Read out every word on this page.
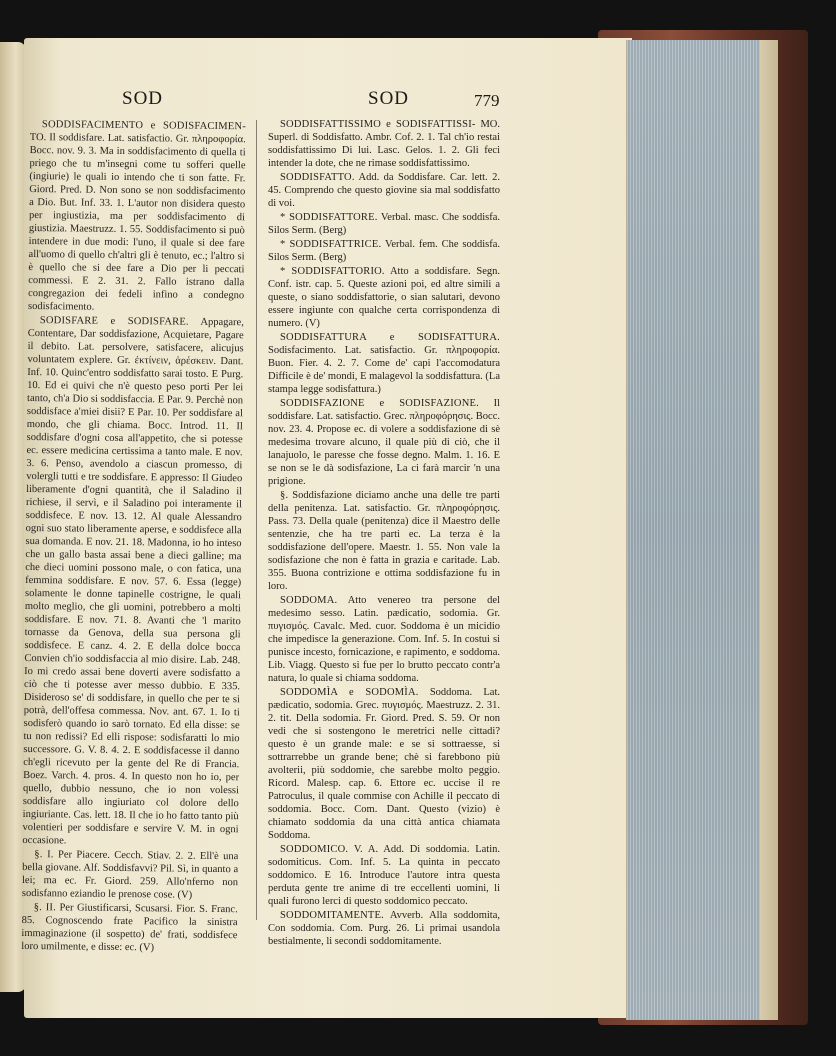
SOD	SOD	779

SODDISFACIMENTO e SODISFACIMEN- TO. Il soddisfare. Lat. satisfactio. Gr. πληροφορία. Bocc. nov. 9. 3. Ma in soddisfacimento di quella ti priego che tu m'insegni come tu sofferi quelle (ingiurie) le quali io intendo che ti son fatte. Fr. Giord. Pred. D. Non sono se non soddisfacimento a Dio. But. Inf. 33. 1. L'autor non disidera questo per ingiustizia, ma per soddisfacimento di giustizia. Maestruzz. 1. 55. Soddisfacimento si può intendere in due modi: l'uno, il quale si dee fare all'uomo di quello ch'altri gli è tenuto, ec.; l'altro si è quello che si dee fare a Dio per li peccati commessi. E 2. 31. 2. Fallo istrano dalla congregazion dei fedeli infino a condegno sodisfacimento.

SODISFARE e SODISFARE. Appagare, Contentare, Dar soddisfazione, Acquietare, Pagare il debito. Lat. persolvere, satisfacere, alicujus voluntatem explere. Gr. ἐκτίνειν, ἀρέσκειν. Dant. Inf. 10. Quinc'entro soddisfatto sarai tosto. E Purg. 10. Ed ei quivi che n'è questo peso porti Per lei tanto, ch'a Dio si soddisfaccia. E Par. 9. Perchè non soddisface a'miei disii? E Par. 10. Per soddisfare al mondo, che gli chiama. Bocc. Introd. 11. Il soddisfare d'ogni cosa all'appetito, che si potesse ec. essere medicina certissima a tanto male. E nov. 3. 6. Penso, avendolo a ciascun promesso, di volergli tutti e tre soddisfare. E appresso: Il Giudeo liberamente d'ogni quantità, che il Saladino il richiese, il servì, e il Saladino poi interamente il soddisfece. E nov. 13. 12. Al quale Alessandro ogni suo stato liberamente aperse, e soddisfece alla sua domanda. E nov. 21. 18. Madonna, io ho inteso che un gallo basta assai bene a dieci galline; ma che dieci uomini possono male, o con fatica, una femmina soddisfare. E nov. 57. 6. Essa (legge) solamente le donne tapinelle costrigne, le quali molto meglio, che gli uomini, potrebbero a molti soddisfare. E nov. 71. 8. Avanti che 'l marito tornasse da Genova, della sua persona gli soddisfece. E canz. 4. 2. E della dolce bocca Convien ch'io soddisfaccia al mio disire. Lab. 248. Io mi credo assai bene doverti avere sodisfatto a ciò che ti potesse aver messo dubbio. E 335. Disideroso se' di soddisfare, in quello che per te si potrà, dell'offesa commessa. Nov. ant. 67. 1. Io ti sodisferò quando io sarò tornato. Ed ella disse: se tu non redissi? Ed elli rispose: sodisfaratti lo mio successore. G. V. 8. 4. 2. E soddisfacesse il danno ch'egli ricevuto per la gente del Re di Francia. Boez. Varch. 4. pros. 4. In questo non ho io, per quello, dubbio nessuno, che io non volessi soddisfare allo ingiuriato col dolore dello ingiuriante. Cas. lett. 18. Il che io ho fatto tanto più volentieri per soddisfare e servire V. M. in ogni occasione.

§. I. Per Piacere. Cecch. Stiav. 2. 2. Ell'è una bella giovane. Alf. Soddisfavvi? Pil. Sì, in quanto a lei; ma ec. Fr. Giord. 259. Allo'nferno non sodisfanno eziandio le prenose cose. (V)

§. II. Per Giustificarsi, Scusarsi. Fior. S. Franc. 85. Cognoscendo frate Pacifico la sinistra immaginazione (il sospetto) de' frati, soddisfece loro umilmente, e disse: ec. (V)

SODDISFATTISSIMO e SODISFATTISSI- MO. Superl. di Soddisfatto. Ambr. Cof. 2. 1. Tal ch'io restai soddisfattissimo Di lui. Lasc. Gelos. 1. 2. Gli feci intender la dote, che ne rimase soddisfattissimo.

SODDISFATTO. Add. da Soddisfare. Car. lett. 2. 45. Comprendo che questo giovine sia mal soddisfatto di voi.

* SODDISFATTORE. Verbal. masc. Che soddisfa. Silos Serm. (Berg)

* SODDISFATTRICE. Verbal. fem. Che soddisfa. Silos Serm. (Berg)

* SODDISFATTORIO. Atto a soddisfare. Segn. Conf. istr. cap. 5. Queste azioni poi, ed altre simili a queste, o siano soddisfattorie, o sian salutari, devono essere ingiunte con qualche certa corrispondenza di numero. (V)

SODDISFATTURA e SODISFATTURA. Sodisfacimento. Lat. satisfactio. Gr. πληροφορία. Buon. Fier. 4. 2. 7. Come de' capi l'accomodatura Difficile è de' mondi, E malagevol la soddisfattura. (La stampa legge sodisfattura.)

SODDISFAZIONE e SODISFAZIONE. Il soddisfare. Lat. satisfactio. Grec. πληροφόρησις. Bocc. nov. 23. 4. Propose ec. di volere a soddisfazione di sè medesima trovare alcuno, il quale più di ciò, che il lanajuolo, le paresse che fosse degno. Malm. 1. 16. E se non se le dà sodisfazione, La ci farà marcir 'n una prigione.

§. Soddisfazione diciamo anche una delle tre parti della penitenza. Lat. satisfactio. Gr. πληροφόρησις. Pass. 73. Della quale (penitenza) dice il Maestro delle sentenzie, che ha tre parti ec. La terza è la soddisfazione dell'opere. Maestr. 1. 55. Non vale la sodisfazione che non è fatta in grazia e caritade. Lab. 355. Buona contrizione e ottima soddisfazione fu in loro.

SODDOMA. Atto venereo tra persone del medesimo sesso. Latin. pædicatio, sodomia. Gr. πυγισμός. Cavalc. Med. cuor. Soddoma è un micidio che impedisce la generazione. Com. Inf. 5. In costui si punisce incesto, fornicazione, e rapimento, e soddoma. Lib. Viagg. Questo si fue per lo brutto peccato contr'a natura, lo quale si chiama soddoma.

SODDOMÌA e SODOMÌA. Soddoma. Lat. pædicatio, sodomia. Grec. πυγισμός. Maestruzz. 2. 31. 2. tit. Della sodomia. Fr. Giord. Pred. S. 59. Or non vedi che si sostengono le meretrici nelle cittadi? questo è un grande male: e se si sottraesse, si sottrarrebbe un grande bene; chè si farebbono più avolterii, più soddomie, che sarebbe molto peggio. Ricord. Malesp. cap. 6. Ettore ec. uccise il re Patroculus, il quale commise con Achille il peccato di soddomia. Bocc. Com. Dant. Questo (vizio) è chiamato soddomia da una città antica chiamata Soddoma.

SODDOMICO. V. A. Add. Di soddomia. Latin. sodomiticus. Com. Inf. 5. La quinta in peccato soddomico. E 16. Introduce l'autore intra questa perduta gente tre anime di tre eccellenti uomini, li quali furono lerci di questo soddomico peccato.

SODDOMITAMENTE. Avverb. Alla soddomita, Con soddomia. Com. Purg. 26. Li primai usandola bestialmente, li secondi soddomitamente.
